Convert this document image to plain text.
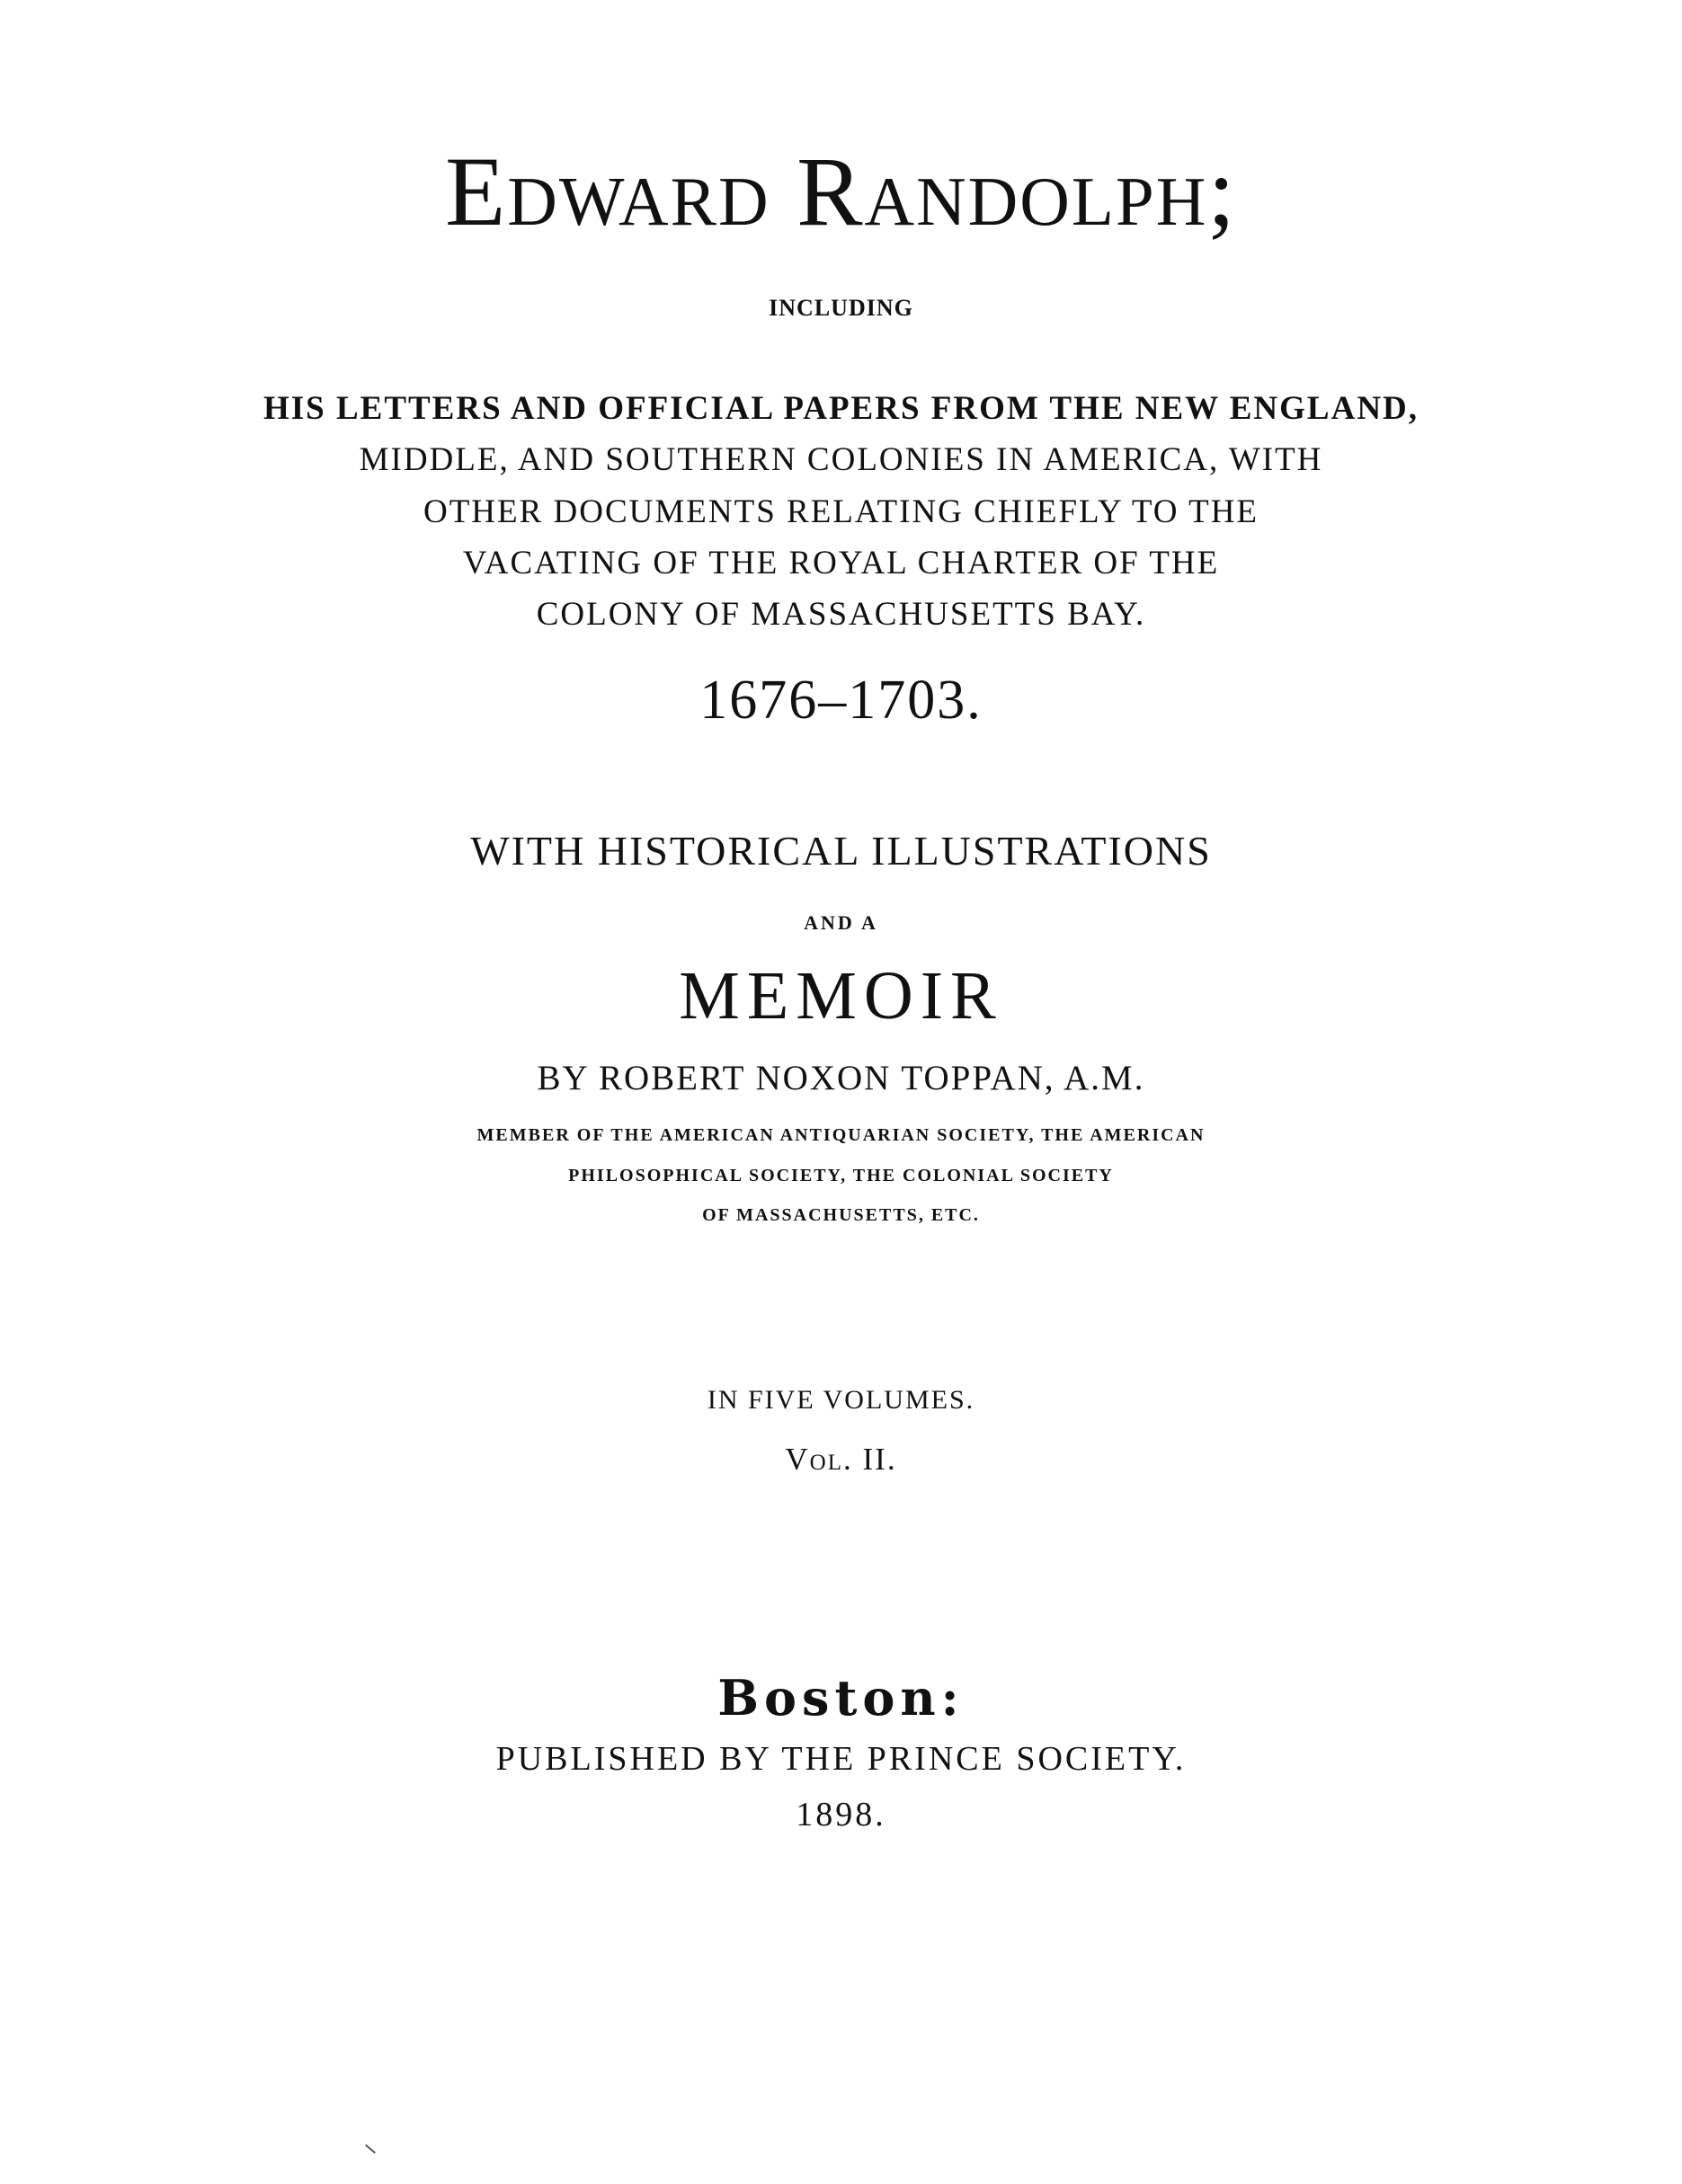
Edward Randolph;
INCLUDING
HIS LETTERS AND OFFICIAL PAPERS FROM THE NEW ENGLAND,
MIDDLE, AND SOUTHERN COLONIES IN AMERICA, WITH
OTHER DOCUMENTS RELATING CHIEFLY TO THE
VACATING OF THE ROYAL CHARTER OF THE
COLONY OF MASSACHUSETTS BAY.
1676–1703.
WITH HISTORICAL ILLUSTRATIONS
AND A
MEMOIR
BY ROBERT NOXON TOPPAN, A.M.
MEMBER OF THE AMERICAN ANTIQUARIAN SOCIETY, THE AMERICAN
PHILOSOPHICAL SOCIETY, THE COLONIAL SOCIETY
OF MASSACHUSETTS, ETC.
IN FIVE VOLUMES.
Vol. II.
Boston:
PUBLISHED BY THE PRINCE SOCIETY.
1898.
